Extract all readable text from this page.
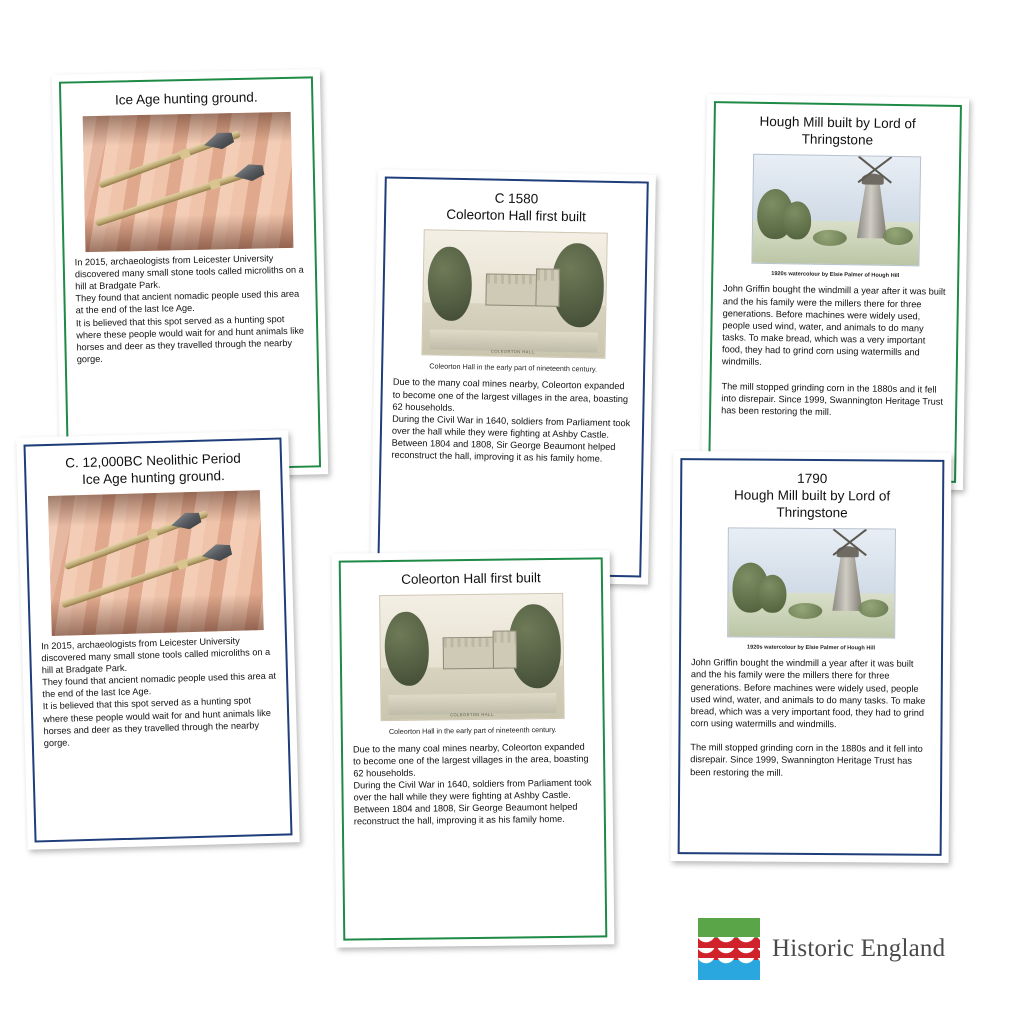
Ice Age hunting ground.
In 2015, archaeologists from Leicester University discovered many small stone tools called microliths on a hill at Bradgate Park.
They found that ancient nomadic people used this area at the end of the last Ice Age.
It is believed that this spot served as a hunting spot where these people would wait for and hunt animals like horses and deer as they travelled through the nearby gorge.
C. 12,000BC Neolithic Period
Ice Age hunting ground.
In 2015, archaeologists from Leicester University discovered many small stone tools called microliths on a hill at Bradgate Park.
They found that ancient nomadic people used this area at the end of the last Ice Age.
It is believed that this spot served as a hunting spot where these people would wait for and hunt animals like horses and deer as they travelled through the nearby gorge.
C 1580
Coleorton Hall first built
COLEORTON HALL.
Coleorton Hall in the early part of nineteenth century.
Due to the many coal mines nearby, Coleorton expanded to become one of the largest villages in the area, boasting 62 households.
During the Civil War in 1640, soldiers from Parliament took over the hall while they were fighting at Ashby Castle.
Between 1804 and 1808, Sir George Beaumont helped reconstruct the hall, improving it as his family home.
Coleorton Hall first built
COLEORTON HALL.
Coleorton Hall in the early part of nineteenth century.
Due to the many coal mines nearby, Coleorton expanded to become one of the largest villages in the area, boasting 62 households.
During the Civil War in 1640, soldiers from Parliament took over the hall while they were fighting at Ashby Castle.
Between 1804 and 1808, Sir George Beaumont helped reconstruct the hall, improving it as his family home.
Hough Mill built by Lord of
Thringstone
1920s watercolour by Elsie Palmer of Hough Hill
John Griffin bought the windmill a year after it was built and the his family were the millers there for three generations. Before machines were widely used, people used wind, water, and animals to do many tasks. To make bread, which was a very important food, they had to grind corn using watermills and windmills.

The mill stopped grinding corn in the 1880s and it fell into disrepair. Since 1999, Swannington Heritage Trust has been restoring the mill.
1790
Hough Mill built by Lord of
Thringstone
1920s watercolour by Elsie Palmer of Hough Hill
John Griffin bought the windmill a year after it was built and the his family were the millers there for three generations. Before machines were widely used, people used wind, water, and animals to do many tasks. To make bread, which was a very important food, they had to grind corn using watermills and windmills.

The mill stopped grinding corn in the 1880s and it fell into disrepair. Since 1999, Swannington Heritage Trust has been restoring the mill.
Historic England
